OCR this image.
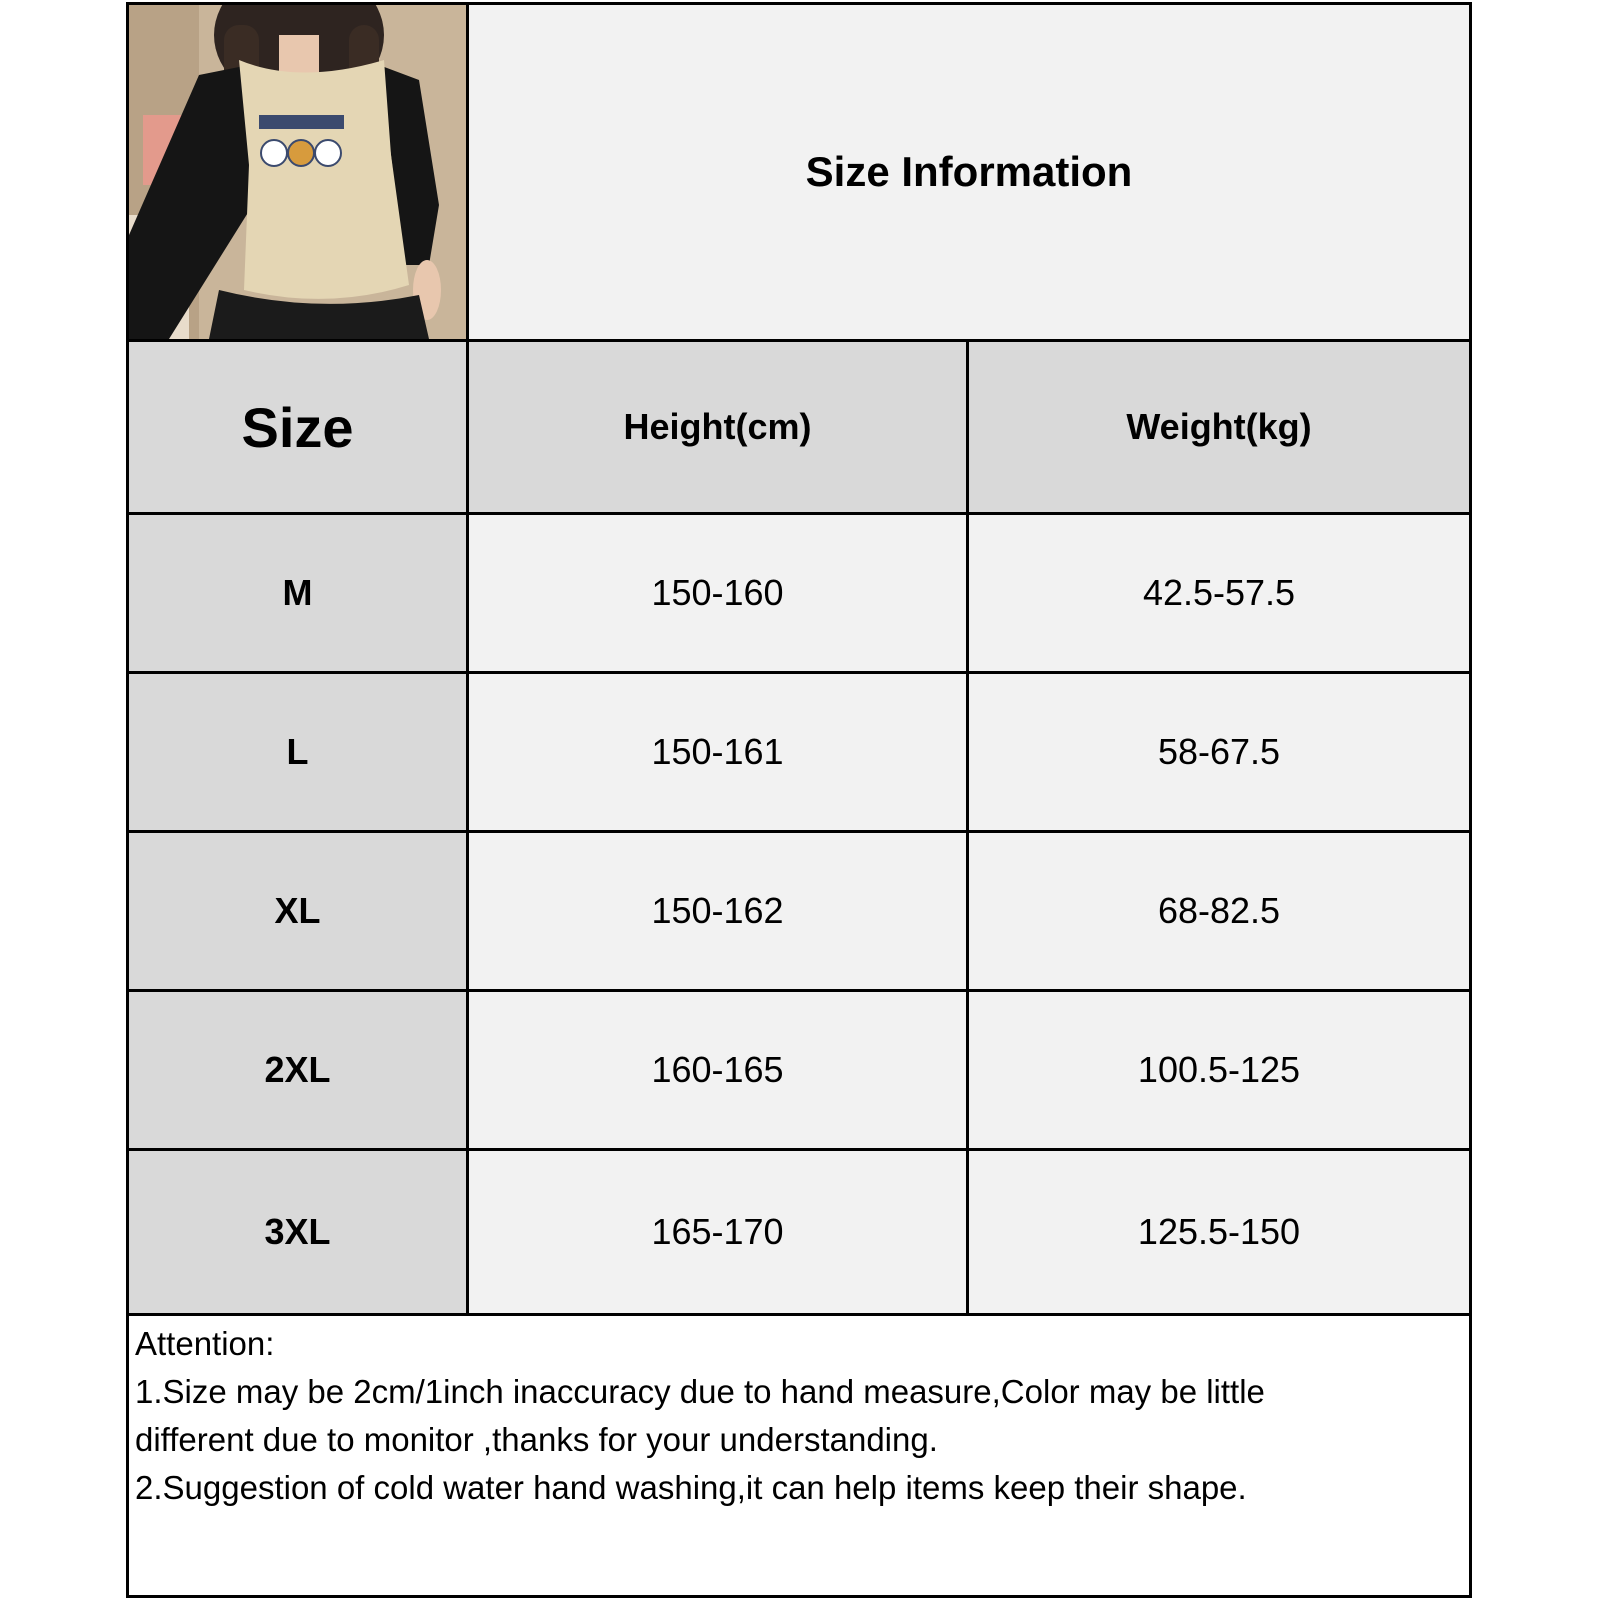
Size Information
Size	Height(cm)	Weight(kg)
M	150-160	42.5-57.5
L	150-161	58-67.5
XL	150-162	68-82.5
2XL	160-165	100.5-125
3XL	165-170	125.5-150
Attention:
1.Size may be 2cm/1inch inaccuracy due to hand measure,Color may be little
different due to monitor ,thanks for your understanding.
2.Suggestion of cold water hand washing,it can help items keep their shape.
